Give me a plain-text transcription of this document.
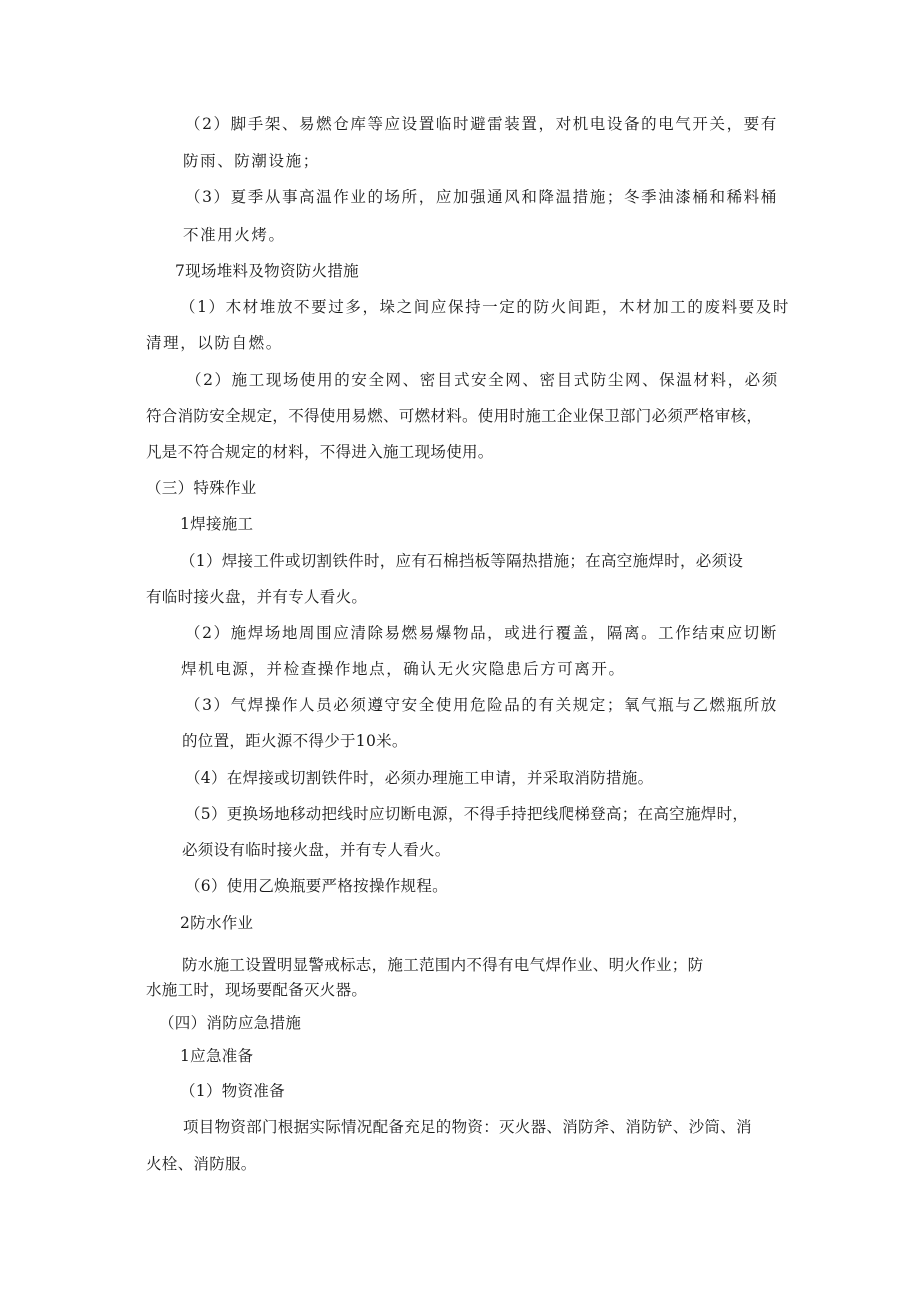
（2）脚手架、易燃仓库等应设置临时避雷装置，对机电设备的电气开关，要有
防雨、防潮设施；
（3）夏季从事高温作业的场所，应加强通风和降温措施；冬季油漆桶和稀料桶
不准用火烤。
7现场堆料及物资防火措施
（1）木材堆放不要过多，垛之间应保持一定的防火间距，木材加工的废料要及时
清理，以防自燃。
（2）施工现场使用的安全网、密目式安全网、密目式防尘网、保温材料，必须
符合消防安全规定，不得使用易燃、可燃材料。使用时施工企业保卫部门必须严格审核，
凡是不符合规定的材料，不得进入施工现场使用。
（三）特殊作业
1焊接施工
（1）焊接工件或切割铁件时，应有石棉挡板等隔热措施；在高空施焊时，必须设
有临时接火盘，并有专人看火。
（2）施焊场地周围应清除易燃易爆物品，或进行覆盖，隔离。工作结束应切断
焊机电源，并检查操作地点，确认无火灾隐患后方可离开。
（3）气焊操作人员必须遵守安全使用危险品的有关规定；氧气瓶与乙燃瓶所放
的位置，距火源不得少于10米。
（4）在焊接或切割铁件时，必须办理施工申请，并采取消防措施。
（5）更换场地移动把线时应切断电源，不得手持把线爬梯登高；在高空施焊时，
必须设有临时接火盘，并有专人看火。
（6）使用乙焕瓶要严格按操作规程。
2防水作业
防水施工设置明显警戒标志，施工范围内不得有电气焊作业、明火作业；防
水施工时，现场要配备灭火器。
（四）消防应急措施
1应急准备
（1）物资准备
项目物资部门根据实际情况配备充足的物资：灭火器、消防斧、消防铲、沙筒、消
火栓、消防服。
